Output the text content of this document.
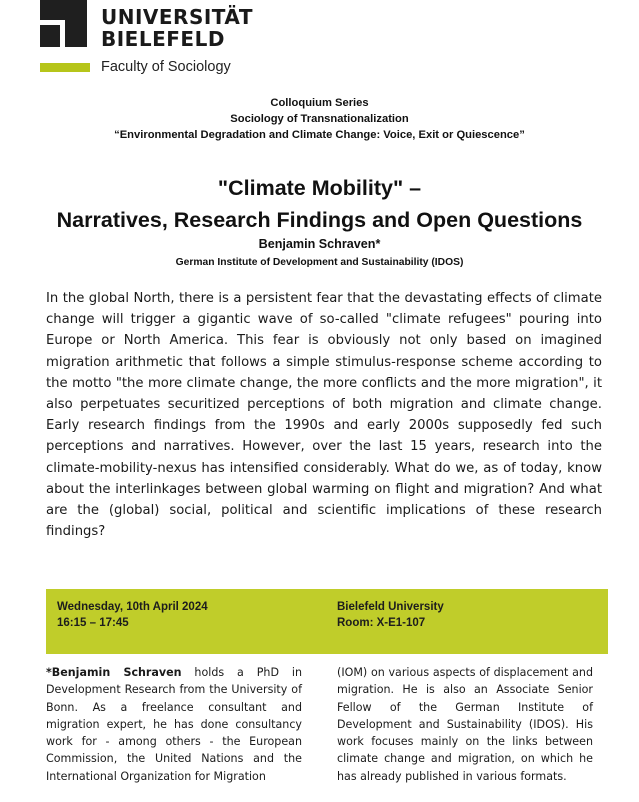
UNIVERSITÄT
BIELEFELD
Faculty of Sociology
Colloquium Series
Sociology of Transnationalization
“Environmental Degradation and Climate Change: Voice, Exit or Quiescence”
"Climate Mobility" –
Narratives, Research Findings and Open Questions
Benjamin Schraven*
German Institute of Development and Sustainability (IDOS)
In the global North, there is a persistent fear that the devastating effects of climate change will trigger a gigantic wave of so-called "climate refugees" pouring into Europe or North America. This fear is obviously not only based on imagined migration arithmetic that follows a simple stimulus-response scheme according to the motto "the more climate change, the more conflicts and the more migration", it also perpetuates securitized perceptions of both migration and climate change. Early research findings from the 1990s and early 2000s supposedly fed such perceptions and narratives. However, over the last 15 years, research into the climate-mobility-nexus has intensified considerably. What do we, as of today, know about the interlinkages between global warming on flight and migration? And what are the (global) social, political and scientific implications of these research findings?
Wednesday, 10th April 2024
16:15 – 17:45
Bielefeld University
Room: X-E1-107
*Benjamin Schraven holds a PhD in Development Research from the University of Bonn. As a freelance consultant and migration expert, he has done consultancy work for - among others - the European Commission, the United Nations and the International Organization for Migration
(IOM) on various aspects of displacement and migration. He is also an Associate Senior Fellow of the German Institute of Development and Sustainability (IDOS). His work focuses mainly on the links between climate change and migration, on which he has already published in various formats.
